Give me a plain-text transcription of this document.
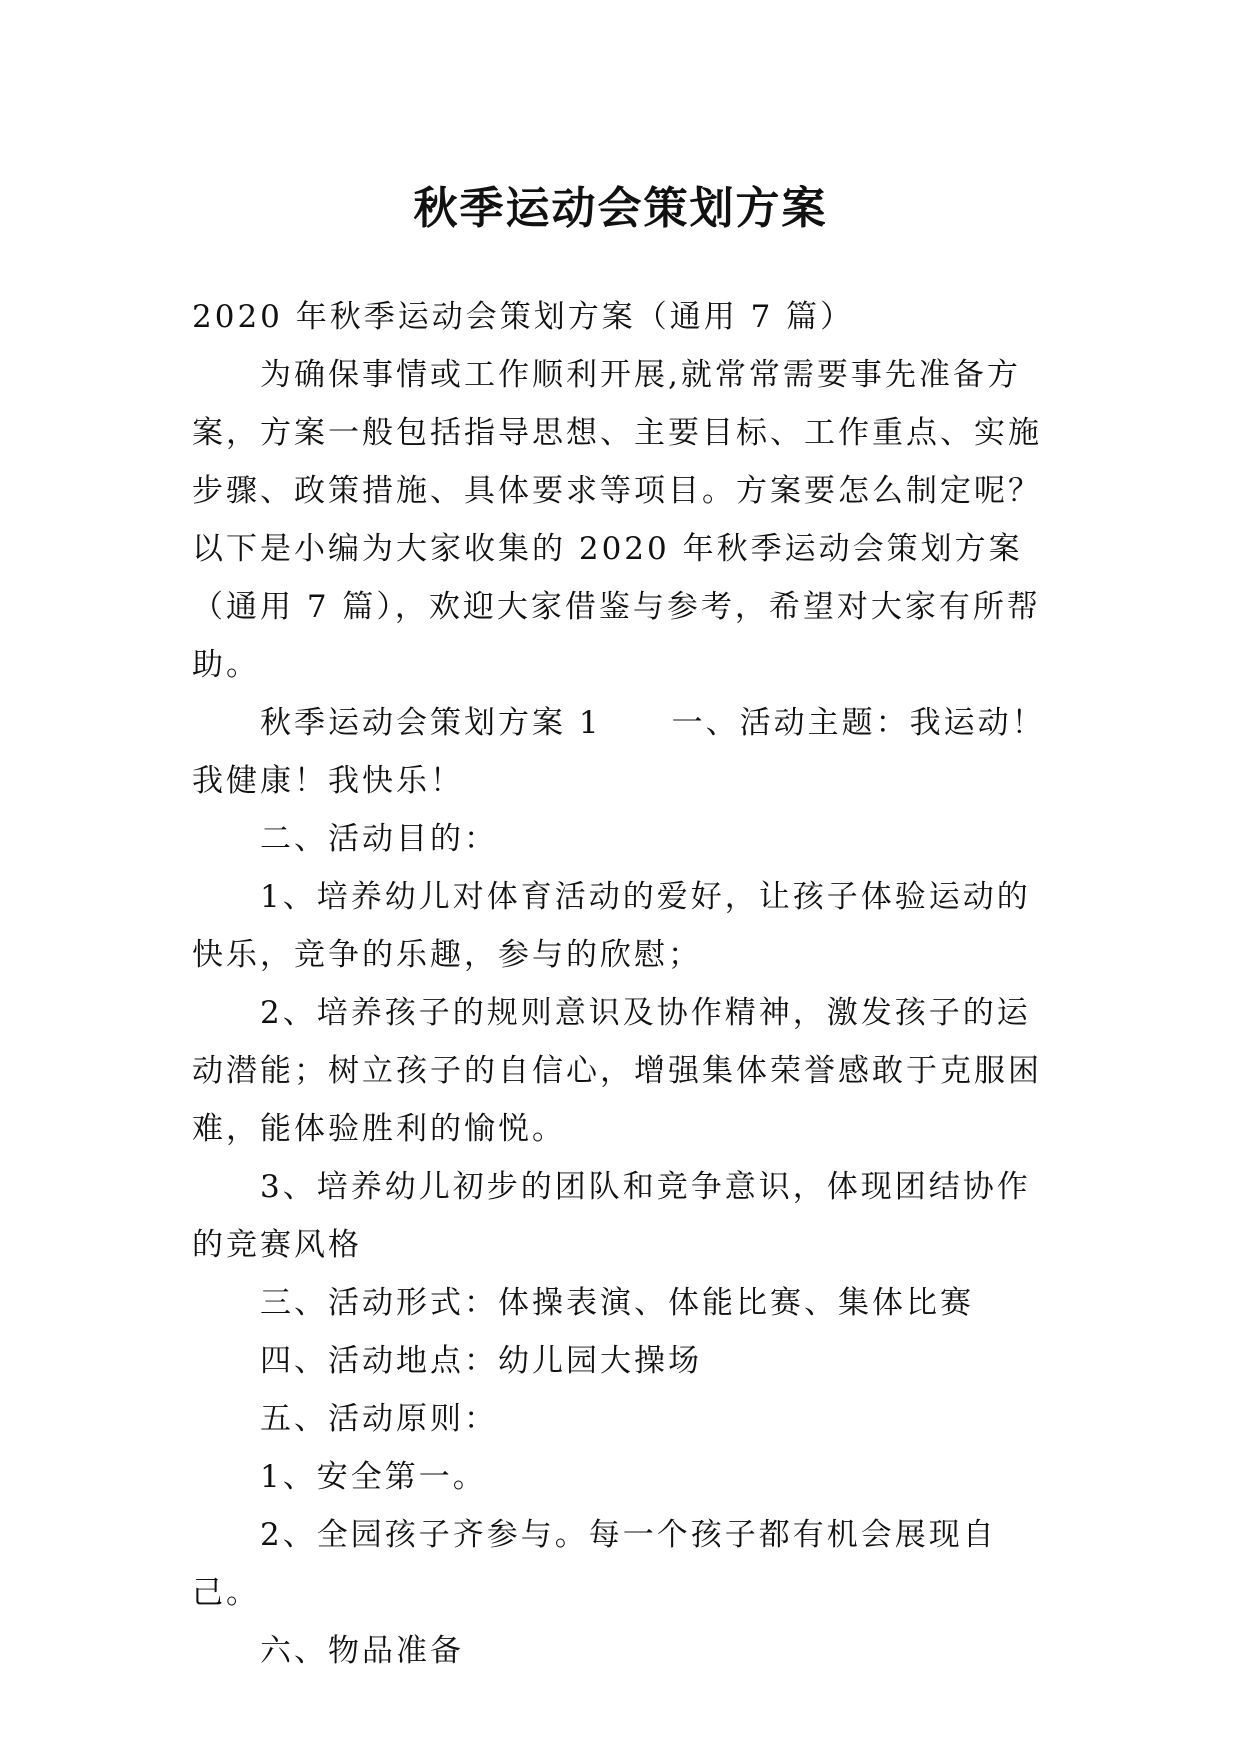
秋季运动会策划方案

2020 年秋季运动会策划方案（通用 7 篇）

为确保事情或工作顺利开展,就常常需要事先准备方案，方案一般包括指导思想、主要目标、工作重点、实施步骤、政策措施、具体要求等项目。方案要怎么制定呢？以下是小编为大家收集的 2020 年秋季运动会策划方案（通用 7 篇），欢迎大家借鉴与参考，希望对大家有所帮助。

秋季运动会策划方案 1 一、活动主题：我运动！我健康！我快乐！

二、活动目的：

1、培养幼儿对体育活动的爱好，让孩子体验运动的快乐，竞争的乐趣，参与的欣慰；

2、培养孩子的规则意识及协作精神，激发孩子的运动潜能；树立孩子的自信心，增强集体荣誉感敢于克服困难，能体验胜利的愉悦。

3、培养幼儿初步的团队和竞争意识，体现团结协作的竞赛风格

三、活动形式：体操表演、体能比赛、集体比赛

四、活动地点：幼儿园大操场

五、活动原则：

1、安全第一。

2、全园孩子齐参与。每一个孩子都有机会展现自己。

六、物品准备
